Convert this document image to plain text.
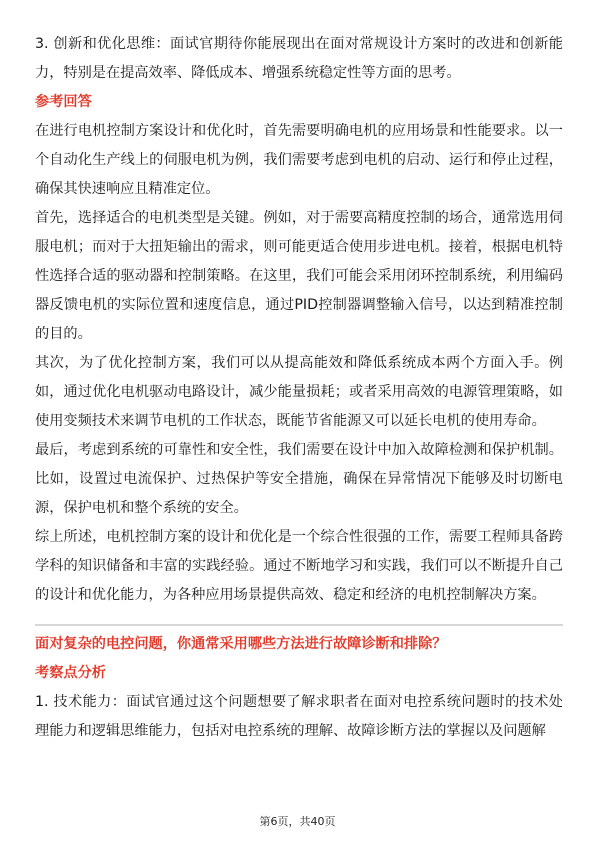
3. 创新和优化思维：面试官期待你能展现出在面对常规设计方案时的改进和创新能力，特别是在提高效率、降低成本、增强系统稳定性等方面的思考。

参考回答

在进行电机控制方案设计和优化时，首先需要明确电机的应用场景和性能要求。以一个自动化生产线上的伺服电机为例，我们需要考虑到电机的启动、运行和停止过程，确保其快速响应且精准定位。

首先，选择适合的电机类型是关键。例如，对于需要高精度控制的场合，通常选用伺服电机；而对于大扭矩输出的需求，则可能更适合使用步进电机。接着，根据电机特性选择合适的驱动器和控制策略。在这里，我们可能会采用闭环控制系统，利用编码器反馈电机的实际位置和速度信息，通过PID控制器调整输入信号，以达到精准控制的目的。

其次，为了优化控制方案，我们可以从提高能效和降低系统成本两个方面入手。例如，通过优化电机驱动电路设计，减少能量损耗；或者采用高效的电源管理策略，如使用变频技术来调节电机的工作状态，既能节省能源又可以延长电机的使用寿命。

最后，考虑到系统的可靠性和安全性，我们需要在设计中加入故障检测和保护机制。比如，设置过电流保护、过热保护等安全措施，确保在异常情况下能够及时切断电源，保护电机和整个系统的安全。

综上所述，电机控制方案的设计和优化是一个综合性很强的工作，需要工程师具备跨学科的知识储备和丰富的实践经验。通过不断地学习和实践，我们可以不断提升自己的设计和优化能力，为各种应用场景提供高效、稳定和经济的电机控制解决方案。

面对复杂的电控问题，你通常采用哪些方法进行故障诊断和排除？

考察点分析

1. 技术能力：面试官通过这个问题想要了解求职者在面对电控系统问题时的技术处理能力和逻辑思维能力，包括对电控系统的理解、故障诊断方法的掌握以及问题解

第6页，共40页
